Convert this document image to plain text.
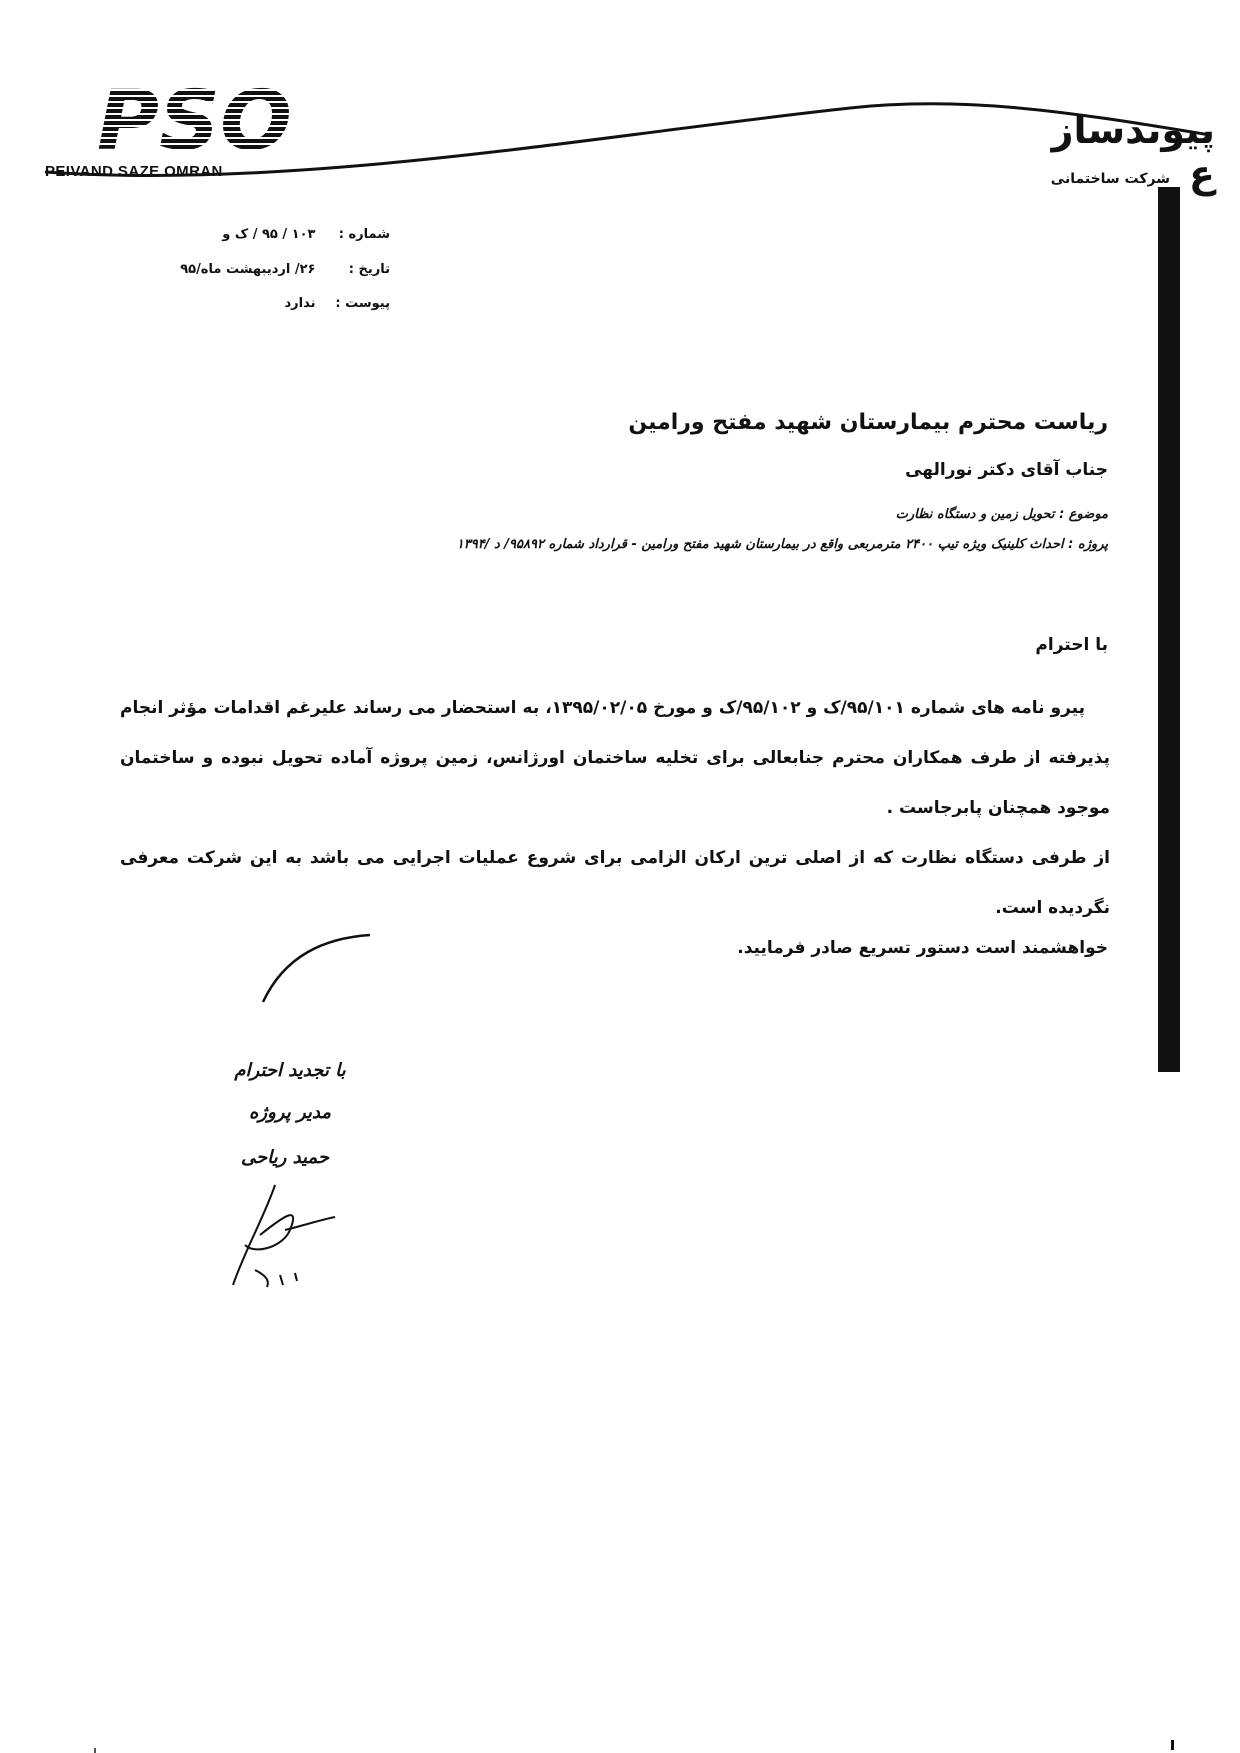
PSO
PEIVAND SAZE OMRAN
پیوندساز ع
شرکت ساختمانی
شماره : ۱۰۳ / ۹۵ / ک و
تاریخ : ۲۶/ اردیبهشت ماه/۹۵
پیوست : ندارد
ریاست محترم بیمارستان شهید مفتح ورامین
جناب آقای دکتر نورالهی
موضوع : تحویل زمین و دستگاه نظارت
پروژه : احداث کلینیک ویژه تیپ ۲۴۰۰ مترمربعی واقع در بیمارستان شهید مفتح ورامین - قرارداد شماره ۹۵۸۹۲/ د /۱۳۹۴
با احترام

پیرو نامه های شماره ۹۵/۱۰۱/ک و ۹۵/۱۰۲/ک و مورخ ۱۳۹۵/۰۲/۰۵، به استحضار می رساند علیرغم اقدامات مؤثر انجام پذیرفته از طرف همکاران محترم جنابعالی برای تخلیه ساختمان اورژانس، زمین پروژه آماده تحویل نبوده و ساختمان موجود همچنان پابرجاست .

از طرفی دستگاه نظارت که از اصلی ترین ارکان الزامی برای شروع عملیات اجرایی می باشد به این شرکت معرفی نگردیده است.

خواهشمند است دستور تسریع صادر فرمایید.
با تجدید احترام
مدیر پروژه
حمید ریاحی
